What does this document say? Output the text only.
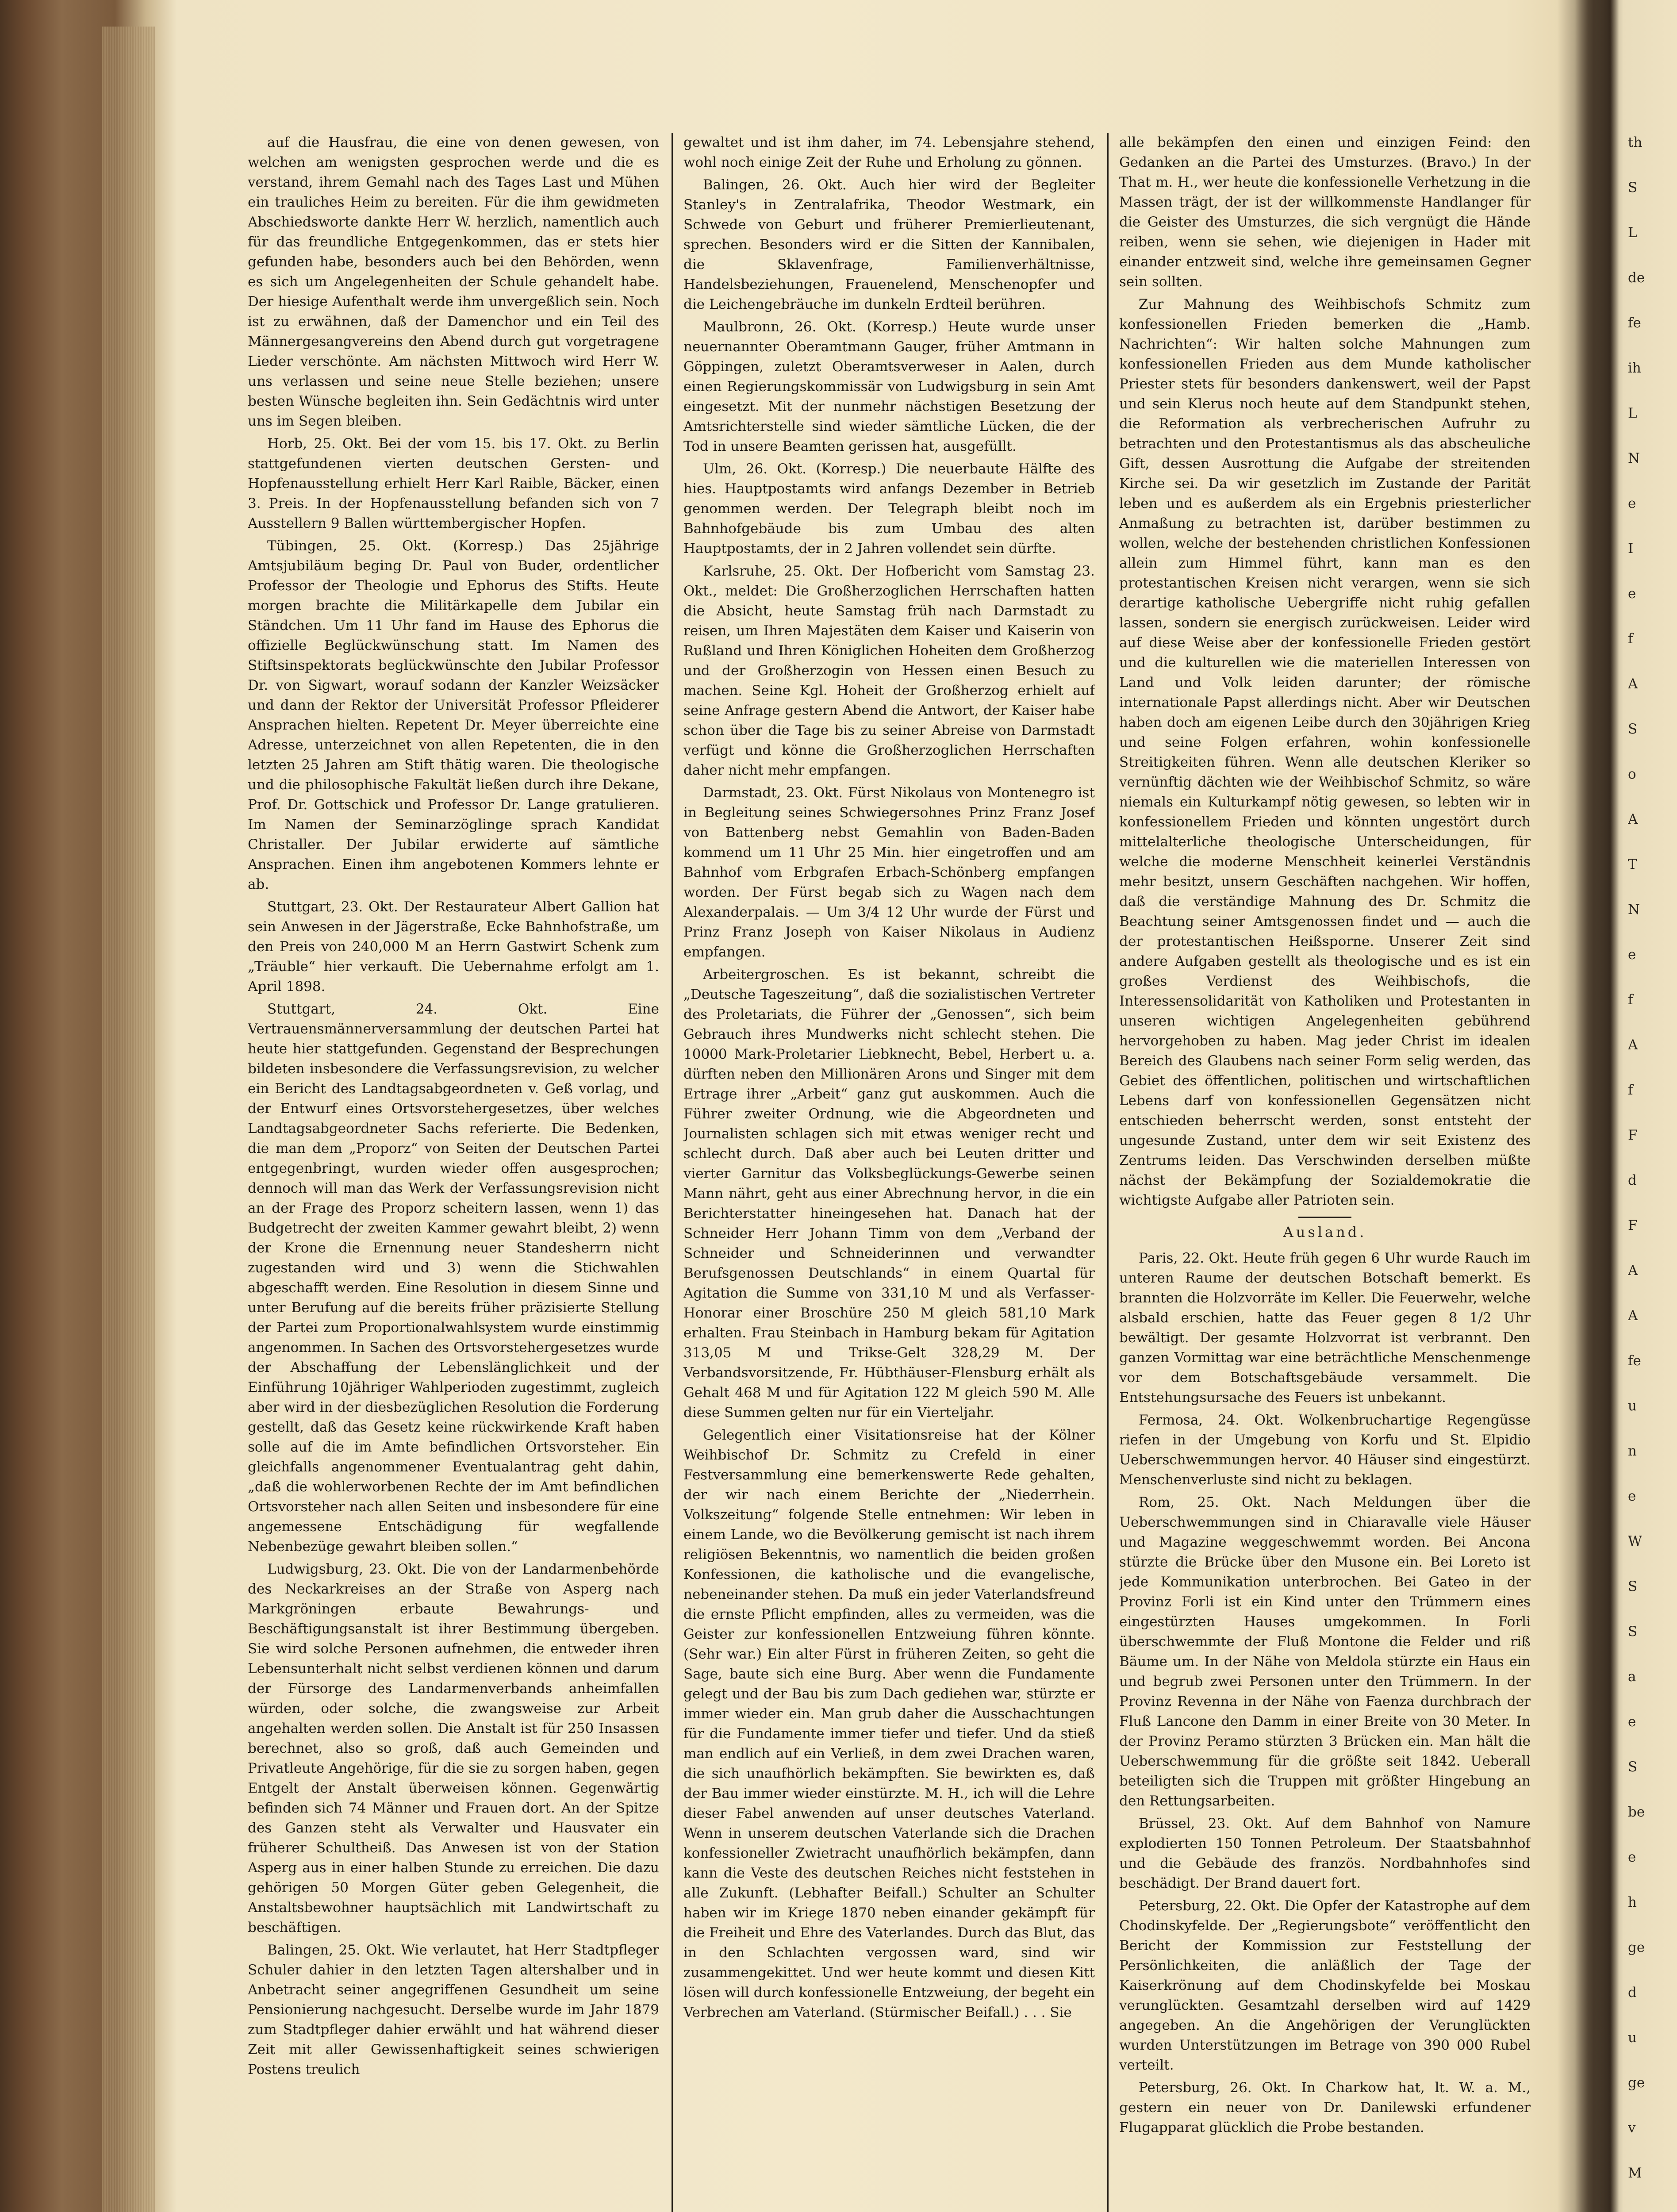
auf die Hausfrau, die eine von denen gewesen, von welchen am wenigsten gesprochen werde und die es verstand, ihrem Gemahl nach des Tages Last und Mühen ein trauliches Heim zu bereiten. Für die ihm gewidmeten Abschiedsworte dankte Herr W. herzlich, namentlich auch für das freundliche Entgegenkommen, das er stets hier gefunden habe, besonders auch bei den Behörden, wenn es sich um Angelegenheiten der Schule gehandelt habe. Der hiesige Aufenthalt werde ihm unvergeßlich sein. Noch ist zu erwähnen, daß der Damenchor und ein Teil des Männergesangvereins den Abend durch gut vorgetragene Lieder verschönte. Am nächsten Mittwoch wird Herr W. uns verlassen und seine neue Stelle beziehen; unsere besten Wünsche begleiten ihn. Sein Gedächtnis wird unter uns im Segen bleiben.

Horb, 25. Okt. Bei der vom 15. bis 17. Okt. zu Berlin stattgefundenen vierten deutschen Gersten- und Hopfenausstellung erhielt Herr Karl Raible, Bäcker, einen 3. Preis. In der Hopfenausstellung befanden sich von 7 Ausstellern 9 Ballen württembergischer Hopfen.

Tübingen, 25. Okt. (Korresp.) Das 25jährige Amtsjubiläum beging Dr. Paul von Buder, ordentlicher Professor der Theologie und Ephorus des Stifts. Heute morgen brachte die Militärkapelle dem Jubilar ein Ständchen. Um 11 Uhr fand im Hause des Ephorus die offizielle Beglückwünschung statt. Im Namen des Stiftsinspektorats beglückwünschte den Jubilar Professor Dr. von Sigwart, worauf sodann der Kanzler Weizsäcker und dann der Rektor der Universität Professor Pfleiderer Ansprachen hielten. Repetent Dr. Meyer überreichte eine Adresse, unterzeichnet von allen Repetenten, die in den letzten 25 Jahren am Stift thätig waren. Die theologische und die philosophische Fakultät ließen durch ihre Dekane, Prof. Dr. Gottschick und Professor Dr. Lange gratulieren. Im Namen der Seminarzöglinge sprach Kandidat Christaller. Der Jubilar erwiderte auf sämtliche Ansprachen. Einen ihm angebotenen Kommers lehnte er ab.

Stuttgart, 23. Okt. Der Restaurateur Albert Gallion hat sein Anwesen in der Jägerstraße, Ecke Bahnhofstraße, um den Preis von 240,000 M an Herrn Gastwirt Schenk zum „Träuble“ hier verkauft. Die Uebernahme erfolgt am 1. April 1898.

Stuttgart, 24. Okt. Eine Vertrauensmännerversammlung der deutschen Partei hat heute hier stattgefunden. Gegenstand der Besprechungen bildeten insbesondere die Verfassungsrevision, zu welcher ein Bericht des Landtagsabgeordneten v. Geß vorlag, und der Entwurf eines Ortsvorstehergesetzes, über welches Landtagsabgeordneter Sachs referierte. Die Bedenken, die man dem „Proporz“ von Seiten der Deutschen Partei entgegenbringt, wurden wieder offen ausgesprochen; dennoch will man das Werk der Verfassungsrevision nicht an der Frage des Proporz scheitern lassen, wenn 1) das Budgetrecht der zweiten Kammer gewahrt bleibt, 2) wenn der Krone die Ernennung neuer Standesherrn nicht zugestanden wird und 3) wenn die Stichwahlen abgeschafft werden. Eine Resolution in diesem Sinne und unter Berufung auf die bereits früher präzisierte Stellung der Partei zum Proportionalwahlsystem wurde einstimmig angenommen. In Sachen des Ortsvorstehergesetzes wurde der Abschaffung der Lebenslänglichkeit und der Einführung 10jähriger Wahlperioden zugestimmt, zugleich aber wird in der diesbezüglichen Resolution die Forderung gestellt, daß das Gesetz keine rückwirkende Kraft haben solle auf die im Amte befindlichen Ortsvorsteher. Ein gleichfalls angenommener Eventualantrag geht dahin, „daß die wohlerworbenen Rechte der im Amt befindlichen Ortsvorsteher nach allen Seiten und insbesondere für eine angemessene Entschädigung für wegfallende Nebenbezüge gewahrt bleiben sollen.“

Ludwigsburg, 23. Okt. Die von der Landarmenbehörde des Neckarkreises an der Straße von Asperg nach Markgröningen erbaute Bewahrungs- und Beschäftigungsanstalt ist ihrer Bestimmung übergeben. Sie wird solche Personen aufnehmen, die entweder ihren Lebensunterhalt nicht selbst verdienen können und darum der Fürsorge des Landarmenverbands anheimfallen würden, oder solche, die zwangsweise zur Arbeit angehalten werden sollen. Die Anstalt ist für 250 Insassen berechnet, also so groß, daß auch Gemeinden und Privatleute Angehörige, für die sie zu sorgen haben, gegen Entgelt der Anstalt überweisen können. Gegenwärtig befinden sich 74 Männer und Frauen dort. An der Spitze des Ganzen steht als Verwalter und Hausvater ein früherer Schultheiß. Das Anwesen ist von der Station Asperg aus in einer halben Stunde zu erreichen. Die dazu gehörigen 50 Morgen Güter geben Gelegenheit, die Anstaltsbewohner hauptsächlich mit Landwirtschaft zu beschäftigen.

Balingen, 25. Okt. Wie verlautet, hat Herr Stadtpfleger Schuler dahier in den letzten Tagen altershalber und in Anbetracht seiner angegriffenen Gesundheit um seine Pensionierung nachgesucht. Derselbe wurde im Jahr 1879 zum Stadtpfleger dahier erwählt und hat während dieser Zeit mit aller Gewissenhaftigkeit seines schwierigen Postens treulich

gewaltet und ist ihm daher, im 74. Lebensjahre stehend, wohl noch einige Zeit der Ruhe und Erholung zu gönnen.

Balingen, 26. Okt. Auch hier wird der Begleiter Stanley's in Zentralafrika, Theodor Westmark, ein Schwede von Geburt und früherer Premierlieutenant, sprechen. Besonders wird er die Sitten der Kannibalen, die Sklavenfrage, Familienverhältnisse, Handelsbeziehungen, Frauenelend, Menschenopfer und die Leichengebräuche im dunkeln Erdteil berühren.

Maulbronn, 26. Okt. (Korresp.) Heute wurde unser neuernannter Oberamtmann Gauger, früher Amtmann in Göppingen, zuletzt Oberamtsverweser in Aalen, durch einen Regierungskommissär von Ludwigsburg in sein Amt eingesetzt. Mit der nunmehr nächstigen Besetzung der Amtsrichterstelle sind wieder sämtliche Lücken, die der Tod in unsere Beamten gerissen hat, ausgefüllt.

Ulm, 26. Okt. (Korresp.) Die neuerbaute Hälfte des hies. Hauptpostamts wird anfangs Dezember in Betrieb genommen werden. Der Telegraph bleibt noch im Bahnhofgebäude bis zum Umbau des alten Hauptpostamts, der in 2 Jahren vollendet sein dürfte.

Karlsruhe, 25. Okt. Der Hofbericht vom Samstag 23. Okt., meldet: Die Großherzoglichen Herrschaften hatten die Absicht, heute Samstag früh nach Darmstadt zu reisen, um Ihren Majestäten dem Kaiser und Kaiserin von Rußland und Ihren Königlichen Hoheiten dem Großherzog und der Großherzogin von Hessen einen Besuch zu machen. Seine Kgl. Hoheit der Großherzog erhielt auf seine Anfrage gestern Abend die Antwort, der Kaiser habe schon über die Tage bis zu seiner Abreise von Darmstadt verfügt und könne die Großherzoglichen Herrschaften daher nicht mehr empfangen.

Darmstadt, 23. Okt. Fürst Nikolaus von Montenegro ist in Begleitung seines Schwiegersohnes Prinz Franz Josef von Battenberg nebst Gemahlin von Baden-Baden kommend um 11 Uhr 25 Min. hier eingetroffen und am Bahnhof vom Erbgrafen Erbach-Schönberg empfangen worden. Der Fürst begab sich zu Wagen nach dem Alexanderpalais. — Um 3/4 12 Uhr wurde der Fürst und Prinz Franz Joseph von Kaiser Nikolaus in Audienz empfangen.

Arbeitergroschen. Es ist bekannt, schreibt die „Deutsche Tageszeitung“, daß die sozialistischen Vertreter des Proletariats, die Führer der „Genossen“, sich beim Gebrauch ihres Mundwerks nicht schlecht stehen. Die 10000 Mark-Proletarier Liebknecht, Bebel, Herbert u. a. dürften neben den Millionären Arons und Singer mit dem Ertrage ihrer „Arbeit“ ganz gut auskommen. Auch die Führer zweiter Ordnung, wie die Abgeordneten und Journalisten schlagen sich mit etwas weniger recht und schlecht durch. Daß aber auch bei Leuten dritter und vierter Garnitur das Volksbeglückungs-Gewerbe seinen Mann nährt, geht aus einer Abrechnung hervor, in die ein Berichterstatter hineingesehen hat. Danach hat der Schneider Herr Johann Timm von dem „Verband der Schneider und Schneiderinnen und verwandter Berufsgenossen Deutschlands“ in einem Quartal für Agitation die Summe von 331,10 M und als Verfasser-Honorar einer Broschüre 250 M gleich 581,10 Mark erhalten. Frau Steinbach in Hamburg bekam für Agitation 313,05 M und Trikse-Gelt 328,29 M. Der Verbandsvorsitzende, Fr. Hübthäuser-Flensburg erhält als Gehalt 468 M und für Agitation 122 M gleich 590 M. Alle diese Summen gelten nur für ein Vierteljahr.

Gelegentlich einer Visitationsreise hat der Kölner Weihbischof Dr. Schmitz zu Crefeld in einer Festversammlung eine bemerkenswerte Rede gehalten, der wir nach einem Berichte der „Niederrhein. Volkszeitung“ folgende Stelle entnehmen: Wir leben in einem Lande, wo die Bevölkerung gemischt ist nach ihrem religiösen Bekenntnis, wo namentlich die beiden großen Konfessionen, die katholische und die evangelische, nebeneinander stehen. Da muß ein jeder Vaterlandsfreund die ernste Pflicht empfinden, alles zu vermeiden, was die Geister zur konfessionellen Entzweiung führen könnte. (Sehr war.) Ein alter Fürst in früheren Zeiten, so geht die Sage, baute sich eine Burg. Aber wenn die Fundamente gelegt und der Bau bis zum Dach gediehen war, stürzte er immer wieder ein. Man grub daher die Ausschachtungen für die Fundamente immer tiefer und tiefer. Und da stieß man endlich auf ein Verließ, in dem zwei Drachen waren, die sich unaufhörlich bekämpften. Sie bewirkten es, daß der Bau immer wieder einstürzte. M. H., ich will die Lehre dieser Fabel anwenden auf unser deutsches Vaterland. Wenn in unserem deutschen Vaterlande sich die Drachen konfessioneller Zwietracht unaufhörlich bekämpfen, dann kann die Veste des deutschen Reiches nicht feststehen in alle Zukunft. (Lebhafter Beifall.) Schulter an Schulter haben wir im Kriege 1870 neben einander gekämpft für die Freiheit und Ehre des Vaterlandes. Durch das Blut, das in den Schlachten vergossen ward, sind wir zusammengekittet. Und wer heute kommt und diesen Kitt lösen will durch konfessionelle Entzweiung, der begeht ein Verbrechen am Vaterland. (Stürmischer Beifall.) . . . Sie

alle bekämpfen den einen und einzigen Feind: den Gedanken an die Partei des Umsturzes. (Bravo.) In der That m. H., wer heute die konfessionelle Verhetzung in die Massen trägt, der ist der willkommenste Handlanger für die Geister des Umsturzes, die sich vergnügt die Hände reiben, wenn sie sehen, wie diejenigen in Hader mit einander entzweit sind, welche ihre gemeinsamen Gegner sein sollten.

Zur Mahnung des Weihbischofs Schmitz zum konfessionellen Frieden bemerken die „Hamb. Nachrichten“: Wir halten solche Mahnungen zum konfessionellen Frieden aus dem Munde katholischer Priester stets für besonders dankenswert, weil der Papst und sein Klerus noch heute auf dem Standpunkt stehen, die Reformation als verbrecherischen Aufruhr zu betrachten und den Protestantismus als das abscheuliche Gift, dessen Ausrottung die Aufgabe der streitenden Kirche sei. Da wir gesetzlich im Zustande der Parität leben und es außerdem als ein Ergebnis priesterlicher Anmaßung zu betrachten ist, darüber bestimmen zu wollen, welche der bestehenden christlichen Konfessionen allein zum Himmel führt, kann man es den protestantischen Kreisen nicht verargen, wenn sie sich derartige katholische Uebergriffe nicht ruhig gefallen lassen, sondern sie energisch zurückweisen. Leider wird auf diese Weise aber der konfessionelle Frieden gestört und die kulturellen wie die materiellen Interessen von Land und Volk leiden darunter; der römische internationale Papst allerdings nicht. Aber wir Deutschen haben doch am eigenen Leibe durch den 30jährigen Krieg und seine Folgen erfahren, wohin konfessionelle Streitigkeiten führen. Wenn alle deutschen Kleriker so vernünftig dächten wie der Weihbischof Schmitz, so wäre niemals ein Kulturkampf nötig gewesen, so lebten wir in konfessionellem Frieden und könnten ungestört durch mittelalterliche theologische Unterscheidungen, für welche die moderne Menschheit keinerlei Verständnis mehr besitzt, unsern Geschäften nachgehen. Wir hoffen, daß die verständige Mahnung des Dr. Schmitz die Beachtung seiner Amtsgenossen findet und — auch die der protestantischen Heißsporne. Unserer Zeit sind andere Aufgaben gestellt als theologische und es ist ein großes Verdienst des Weihbischofs, die Interessensolidarität von Katholiken und Protestanten in unseren wichtigen Angelegenheiten gebührend hervorgehoben zu haben. Mag jeder Christ im idealen Bereich des Glaubens nach seiner Form selig werden, das Gebiet des öffentlichen, politischen und wirtschaftlichen Lebens darf von konfessionellen Gegensätzen nicht entschieden beherrscht werden, sonst entsteht der ungesunde Zustand, unter dem wir seit Existenz des Zentrums leiden. Das Verschwinden derselben müßte nächst der Bekämpfung der Sozialdemokratie die wichtigste Aufgabe aller Patrioten sein.

Ausland.

Paris, 22. Okt. Heute früh gegen 6 Uhr wurde Rauch im unteren Raume der deutschen Botschaft bemerkt. Es brannten die Holzvorräte im Keller. Die Feuerwehr, welche alsbald erschien, hatte das Feuer gegen 8 1/2 Uhr bewältigt. Der gesamte Holzvorrat ist verbrannt. Den ganzen Vormittag war eine beträchtliche Menschenmenge vor dem Botschaftsgebäude versammelt. Die Entstehungsursache des Feuers ist unbekannt.

Fermosa, 24. Okt. Wolkenbruchartige Regengüsse riefen in der Umgebung von Korfu und St. Elpidio Ueberschwemmungen hervor. 40 Häuser sind eingestürzt. Menschenverluste sind nicht zu beklagen.

Rom, 25. Okt. Nach Meldungen über die Ueberschwemmungen sind in Chiaravalle viele Häuser und Magazine weggeschwemmt worden. Bei Ancona stürzte die Brücke über den Musone ein. Bei Loreto ist jede Kommunikation unterbrochen. Bei Gateo in der Provinz Forli ist ein Kind unter den Trümmern eines eingestürzten Hauses umgekommen. In Forli überschwemmte der Fluß Montone die Felder und riß Bäume um. In der Nähe von Meldola stürzte ein Haus ein und begrub zwei Personen unter den Trümmern. In der Provinz Revenna in der Nähe von Faenza durchbrach der Fluß Lancone den Damm in einer Breite von 30 Meter. In der Provinz Peramo stürzten 3 Brücken ein. Man hält die Ueberschwemmung für die größte seit 1842. Ueberall beteiligten sich die Truppen mit größter Hingebung an den Rettungsarbeiten.

Brüssel, 23. Okt. Auf dem Bahnhof von Namure explodierten 150 Tonnen Petroleum. Der Staatsbahnhof und die Gebäude des französ. Nordbahnhofes sind beschädigt. Der Brand dauert fort.

Petersburg, 22. Okt. Die Opfer der Katastrophe auf dem Chodinskyfelde. Der „Regierungsbote“ veröffentlicht den Bericht der Kommission zur Feststellung der Persönlichkeiten, die anläßlich der Tage der Kaiserkrönung auf dem Chodinskyfelde bei Moskau verunglückten. Gesamtzahl derselben wird auf 1429 angegeben. An die Angehörigen der Verunglückten wurden Unterstützungen im Betrage von 390 000 Rubel verteilt.

Petersburg, 26. Okt. In Charkow hat, lt. W. a. M., gestern ein neuer von Dr. Danilewski erfundener Flugapparat glücklich die Probe bestanden.

th
S
L
de
fe
ih
L
N
e
I
e
f
A
S
o
A
T
N
e
f
A
f
F
d
F
A
A
fe
u
n
e
W
S
S
a
e
S
be
e
h
ge
d
u
ge
v
M
